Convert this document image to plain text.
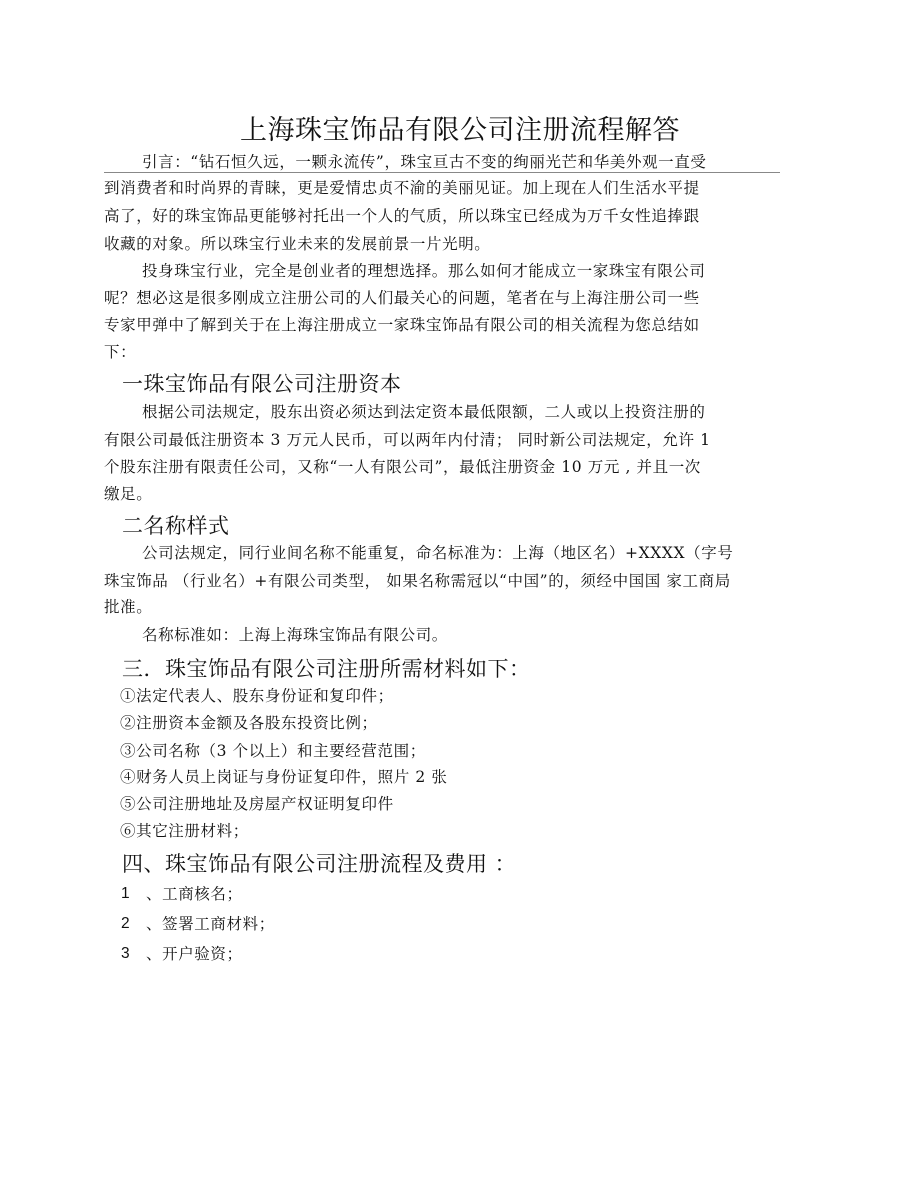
上海珠宝饰品有限公司注册流程解答
引言：“钻石恒久远，一颗永流传”，珠宝亘古不变的绚丽光芒和华美外观一直受
到消费者和时尚界的青睐，更是爱情忠贞不渝的美丽见证。加上现在人们生活水平提
高了，好的珠宝饰品更能够衬托出一个人的气质，所以珠宝已经成为万千女性追捧跟
收藏的对象。所以珠宝行业未来的发展前景一片光明。
投身珠宝行业，完全是创业者的理想选择。那么如何才能成立一家珠宝有限公司
呢？想必这是很多刚成立注册公司的人们最关心的问题，笔者在与上海注册公司一些
专家甲弹中了解到关于在上海注册成立一家珠宝饰品有限公司的相关流程为您总结如
下：
一珠宝饰品有限公司注册资本
根据公司法规定，股东出资必须达到法定资本最低限额，二人或以上投资注册的
有限公司最低注册资本 3 万元人民币，可以两年内付清； 同时新公司法规定，允许 1
个股东注册有限责任公司，又称“一人有限公司”，最低注册资金 10 万元 , 并且一次
缴足。
二名称样式
公司法规定，同行业间名称不能重复，命名标准为：上海（地区名）+XXXX（字号
珠宝饰品 （行业名）+有限公司类型， 如果名称需冠以“中国”的，须经中国国 家工商局
批准。
名称标准如：上海上海珠宝饰品有限公司。
三．珠宝饰品有限公司注册所需材料如下：
①法定代表人、股东身份证和复印件；
②注册资本金额及各股东投资比例；
③公司名称（3 个以上）和主要经营范围；
④财务人员上岗证与身份证复印件，照片 2 张
⑤公司注册地址及房屋产权证明复印件
⑥其它注册材料；
四、珠宝饰品有限公司注册流程及费用 ：
1 、工商核名；
2 、签署工商材料；
3 、开户验资；
